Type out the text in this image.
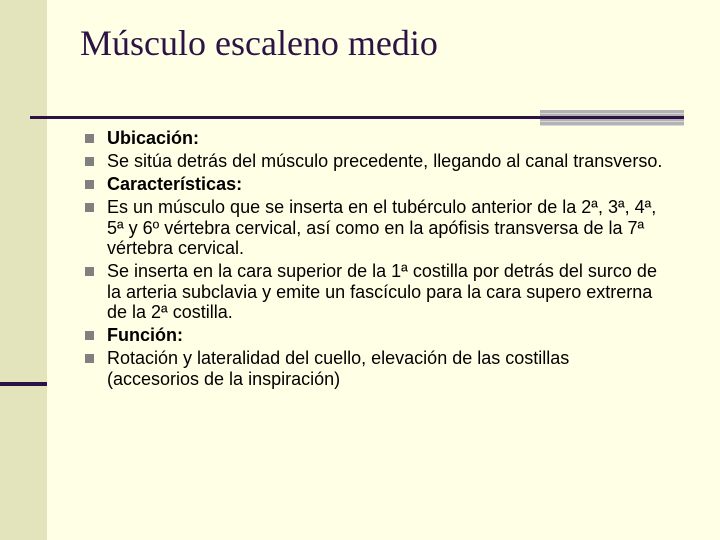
Músculo escaleno medio
Ubicación:
Se sitúa detrás del músculo precedente, llegando al canal transverso.
Características:
Es un músculo que se inserta en el tubérculo anterior de la 2ª, 3ª, 4ª, 5ª y 6º vértebra cervical, así como en la apófisis transversa de la 7ª vértebra cervical.
Se inserta en la cara superior de la 1ª costilla por detrás del surco de la arteria subclavia y emite un fascículo para la cara supero extrerna de la 2ª costilla.
Función:
Rotación y lateralidad del cuello, elevación de las costillas (accesorios de la inspiración)
